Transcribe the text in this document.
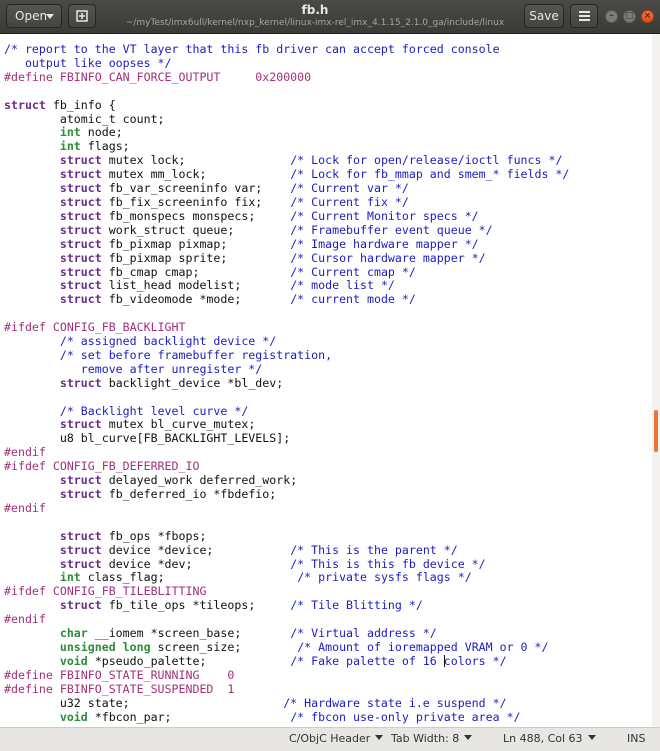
Open	fb.h
~/myTest/imx6ull/kernel/nxp_kernel/linux-imx-rel_imx_4.1.15_2.1.0_ga/include/linux	Save	–	□ ×
/* report to the VT layer that this fb driver can accept forced console
output like oopses */
#define FBINFO_CAN_FORCE_OUTPUT     0x200000

struct fb_info {
atomic_t count;
int node;
int flags;
struct mutex lock;               /* Lock for open/release/ioctl funcs */
struct mutex mm_lock;            /* Lock for fb_mmap and smem_* fields */
struct fb_var_screeninfo var;    /* Current var */
struct fb_fix_screeninfo fix;    /* Current fix */
struct fb_monspecs monspecs;     /* Current Monitor specs */
struct work_struct queue;        /* Framebuffer event queue */
struct fb_pixmap pixmap;         /* Image hardware mapper */
struct fb_pixmap sprite;         /* Cursor hardware mapper */
struct fb_cmap cmap;             /* Current cmap */
struct list_head modelist;       /* mode list */
struct fb_videomode *mode;       /* current mode */

#ifdef CONFIG_FB_BACKLIGHT
/* assigned backlight device */
/* set before framebuffer registration,
remove after unregister */
struct backlight_device *bl_dev;

/* Backlight level curve */
struct mutex bl_curve_mutex;
u8 bl_curve[FB_BACKLIGHT_LEVELS];
#endif
#ifdef CONFIG_FB_DEFERRED_IO
struct delayed_work deferred_work;
struct fb_deferred_io *fbdefio;
#endif

struct fb_ops *fbops;
struct device *device;           /* This is the parent */
struct device *dev;              /* This is this fb device */
int class_flag;                   /* private sysfs flags */
#ifdef CONFIG_FB_TILEBLITTING
struct fb_tile_ops *tileops;     /* Tile Blitting */
#endif
char __iomem *screen_base;       /* Virtual address */
unsigned long screen_size;        /* Amount of ioremapped VRAM or 0 */
void *pseudo_palette;            /* Fake palette of 16 colors */
#define FBINFO_STATE_RUNNING    0
#define FBINFO_STATE_SUSPENDED  1
u32 state;                      /* Hardware state i.e suspend */
void *fbcon_par;                 /* fbcon use-only private area */

C/ObjC Header	Tab Width: 8	Ln 488, Col 63	INS
